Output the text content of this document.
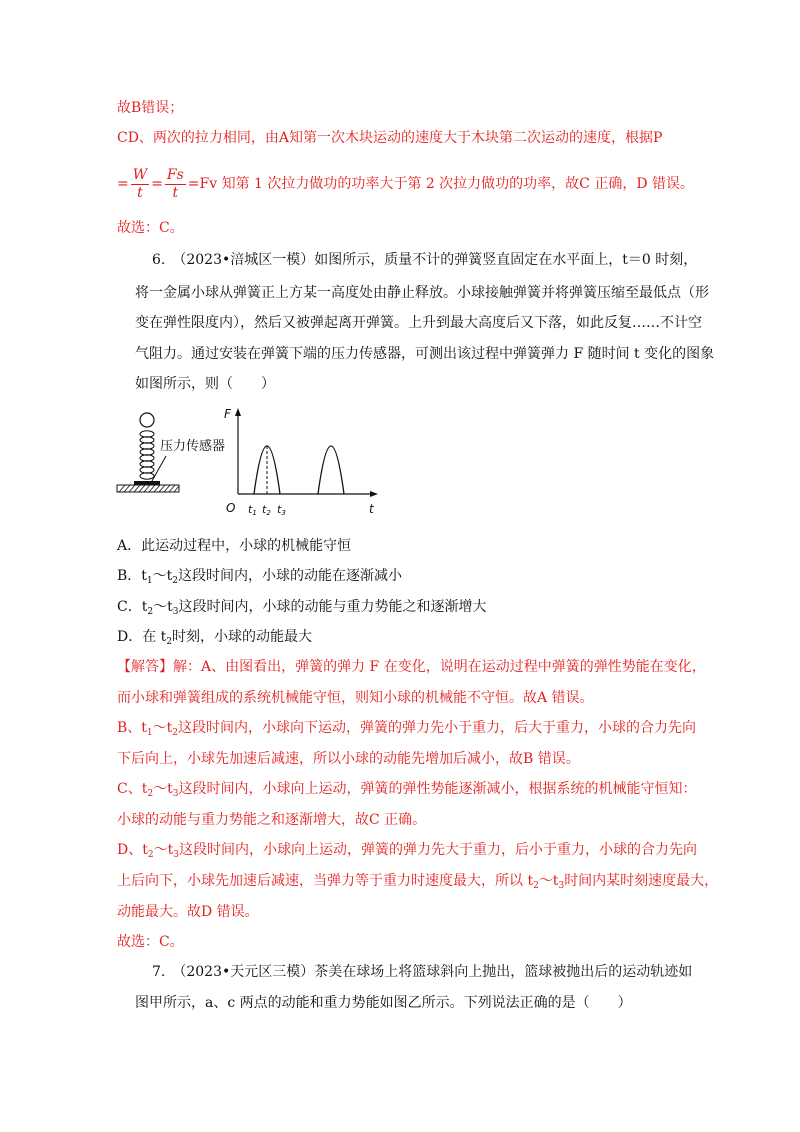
故B错误；
CD、两次的拉力相同，由A知第一次木块运动的速度大于木块第二次运动的速度，根据P
= $\frac{W}{t} = \frac{Fs}{t} =Fv$ 知第 1 次拉力做功的功率大于第 2 次拉力做功的功率，故C 正确，D 错误。
故选：C。
6.　（2023•涪城区一模）如图所示，质量不计的弹簧竖直固定在水平面上，t＝0 时刻，
将一金属小球从弹簧正上方某一高度处由静止释放。小球接触弹簧并将弹簧压缩至最低点（形
变在弹性限度内），然后又被弹起离开弹簧。上升到最大高度后又下落，如此反复……不计空
气阻力。通过安装在弹簧下端的压力传感器，可测出该过程中弹簧弹力 F 随时间 t 变化的图象
如图所示，则（　　）
压力传感器
F
O	t
t1 t2 t3
A．此运动过程中，小球的机械能守恒
B．$t_1\sim t_2$这段时间内，小球的动能在逐渐减小
C．$t_2\sim t_3$这段时间内，小球的动能与重力势能之和逐渐增大
D．在 $t_2$时刻，小球的动能最大
【解答】解：A、由图看出，弹簧的弹力 F 在变化，说明在运动过程中弹簧的弹性势能在变化，
而小球和弹簧组成的系统机械能守恒，则知小球的机械能不守恒。故A 错误。
B、$t_1\sim t_2$这段时间内，小球向下运动，弹簧的弹力先小于重力，后大于重力，小球的合力先向
下后向上，小球先加速后减速，所以小球的动能先增加后减小，故B 错误。
C、$t_2\sim t_3$这段时间内，小球向上运动，弹簧的弹性势能逐渐减小，根据系统的机械能守恒知：
小球的动能与重力势能之和逐渐增大，故C 正确。
D、$t_2\sim t_3$这段时间内，小球向上运动，弹簧的弹力先大于重力，后小于重力，小球的合力先向
上后向下，小球先加速后减速，当弹力等于重力时速度最大，所以 $t_2\sim t_3$时间内某时刻速度最大，
动能最大。故D 错误。
故选：C。
7.　（2023•天元区三模）茶美在球场上将篮球斜向上抛出，篮球被抛出后的运动轨迹如
图甲所示，a、c 两点的动能和重力势能如图乙所示。下列说法正确的是（　　）
